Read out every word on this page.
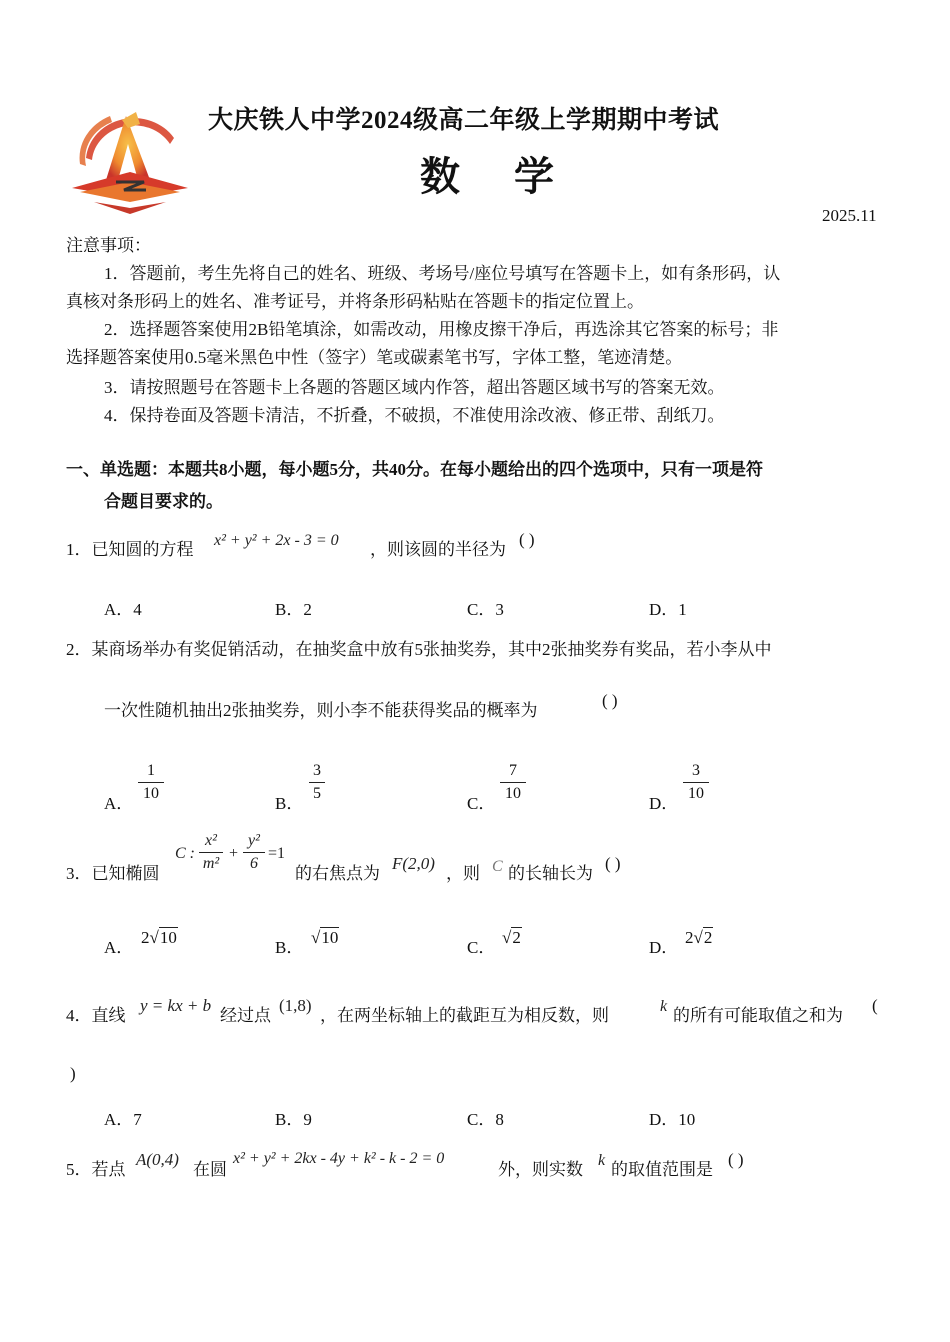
大庆铁人中学2024级高二年级上学期期中考试
数 学
2025.11
注意事项：
1．答题前，考生先将自己的姓名、班级、考场号/座位号填写在答题卡上，如有条形码，认
真核对条形码上的姓名、准考证号，并将条形码粘贴在答题卡的指定位置上。
2．选择题答案使用2B铅笔填涂，如需改动，用橡皮擦干净后，再选涂其它答案的标号；非
选择题答案使用0.5毫米黑色中性（签字）笔或碳素笔书写，字体工整，笔迹清楚。
3．请按照题号在答题卡上各题的答题区域内作答，超出答题区域书写的答案无效。
4．保持卷面及答题卡清洁，不折叠，不破损，不准使用涂改液、修正带、刮纸刀。
一、单选题：本题共8小题，每小题5分，共40分。在每小题给出的四个选项中，只有一项是符
合题目要求的。
1．已知圆的方程 x² + y² + 2x - 3 = 0 ，则该圆的半径为
( )
A．4	B．2	C．3	D．1
2．某商场举办有奖促销活动，在抽奖盒中放有5张抽奖券，其中2张抽奖券有奖品，若小李从中
一次性随机抽出2张抽奖券，则小李不能获得奖品的概率为
( )
A．
1
10
B．
3
5
C．
7
10
D．
3
10
3．已知椭圆
C :
x²
m²
+
y²
6
=1
的右焦点为
F(2,0)
，则 C 的长轴长为
( )
A．
2√10
B．
√10
C．
√2
D．
2√2
4．直线
y = kx + b
经过点
(1,8)
，在两坐标轴上的截距互为相反数，则	k 的所有可能取值之和为
(
)
A．7	B．9	C．8	D．10
5．若点
A(0,4)
在圆
x² + y² + 2kx - 4y + k² - k - 2 = 0
外，则实数 k 的取值范围是
( )
